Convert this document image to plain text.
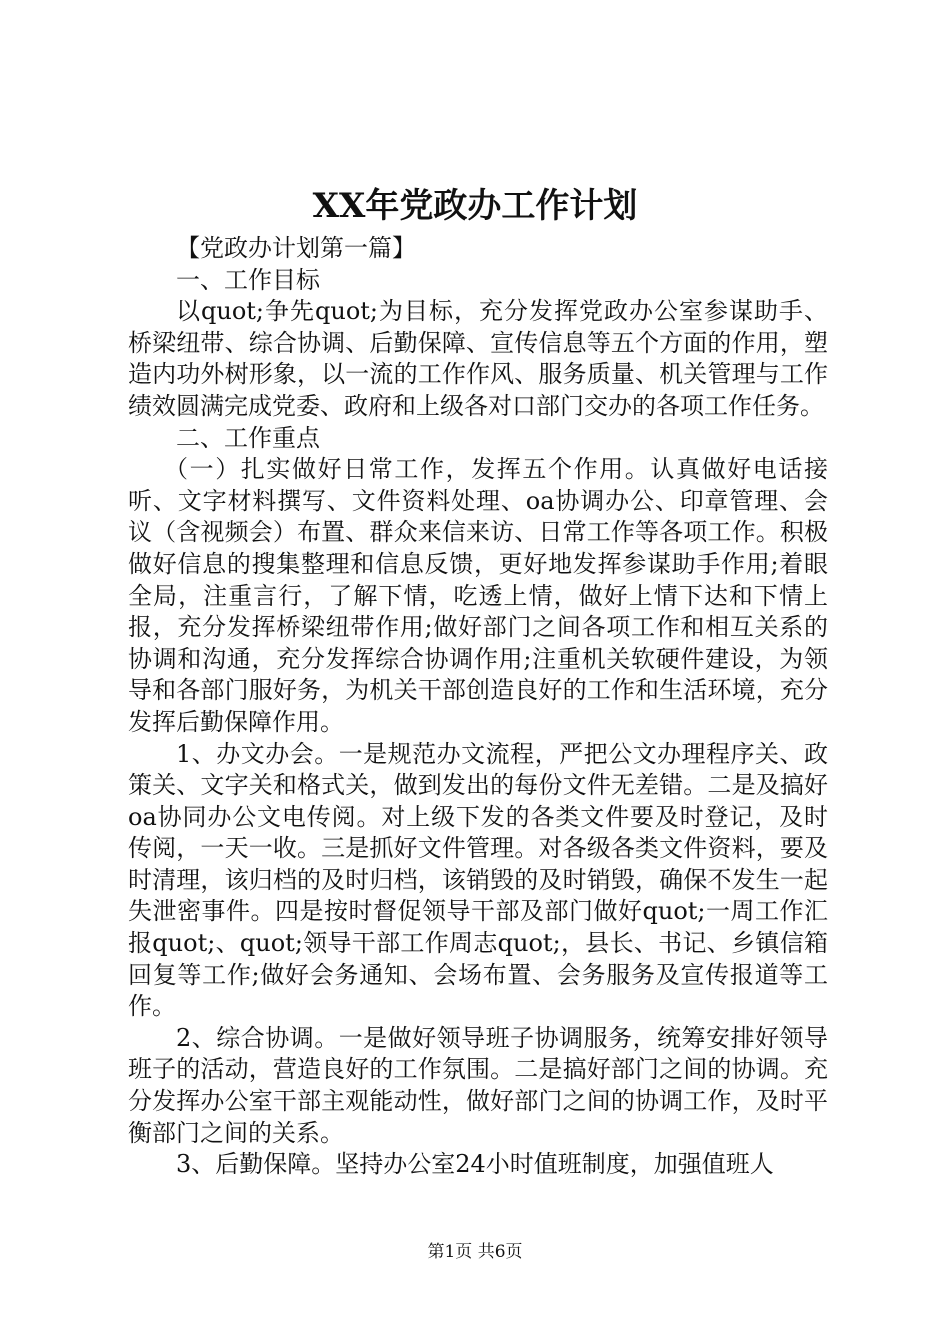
XX年党政办工作计划

【党政办计划第一篇】

一、工作目标

以quot;争先quot;为目标，充分发挥党政办公室参谋助手、桥梁纽带、综合协调、后勤保障、宣传信息等五个方面的作用，塑造内功外树形象，以一流的工作作风、服务质量、机关管理与工作绩效圆满完成党委、政府和上级各对口部门交办的各项工作任务。

二、工作重点

（一）扎实做好日常工作，发挥五个作用。认真做好电话接听、文字材料撰写、文件资料处理、oa协调办公、印章管理、会议（含视频会）布置、群众来信来访、日常工作等各项工作。积极做好信息的搜集整理和信息反馈，更好地发挥参谋助手作用;着眼全局，注重言行，了解下情，吃透上情，做好上情下达和下情上报，充分发挥桥梁纽带作用;做好部门之间各项工作和相互关系的协调和沟通，充分发挥综合协调作用;注重机关软硬件建设，为领导和各部门服好务，为机关干部创造良好的工作和生活环境，充分发挥后勤保障作用。

1、办文办会。一是规范办文流程，严把公文办理程序关、政策关、文字关和格式关，做到发出的每份文件无差错。二是及搞好oa协同办公文电传阅。对上级下发的各类文件要及时登记，及时传阅，一天一收。三是抓好文件管理。对各级各类文件资料，要及时清理，该归档的及时归档，该销毁的及时销毁，确保不发生一起失泄密事件。四是按时督促领导干部及部门做好quot;一周工作汇报quot;、quot;领导干部工作周志quot;，县长、书记、乡镇信箱回复等工作;做好会务通知、会场布置、会务服务及宣传报道等工作。

2、综合协调。一是做好领导班子协调服务，统筹安排好领导班子的活动，营造良好的工作氛围。二是搞好部门之间的协调。充分发挥办公室干部主观能动性，做好部门之间的协调工作，及时平衡部门之间的关系。

3、后勤保障。坚持办公室24小时值班制度，加强值班人

第1页 共6页
